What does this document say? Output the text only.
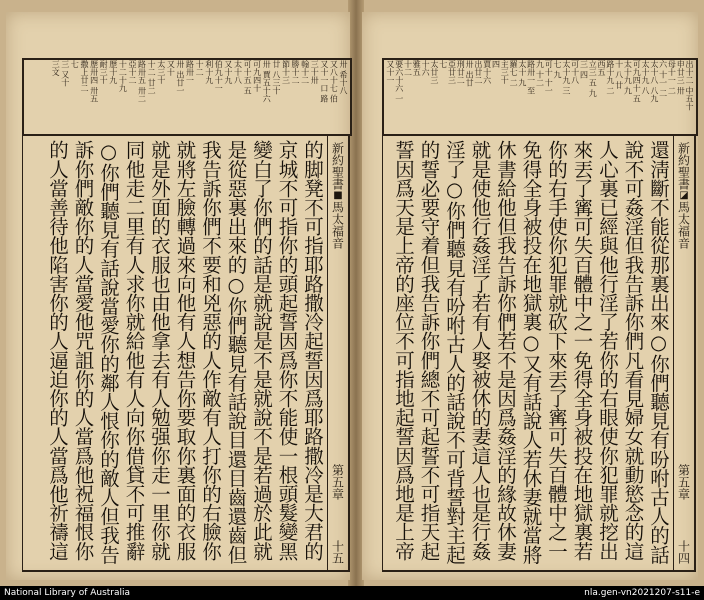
卅 希十八
又八十七 伯
又十一口 路
三十卅
翰十二
勝十二
節十三
廿 八三十
卅 賈五十六
可九四十
可十五 五
太十八
又十九
伯九十一
利十九
十二
路卅一
卅 出廿一
又十
太三十
十二 廿二
路卅五 卅二
亞十二
十二十九
歷十九
耐三十
歷卅四 卅五
撒上廿二
七
三 又十
三文
新約聖書
■
馬太福音
第五章
十五
的脚凳不可指耶路撒冷起誓因爲耶路撒冷是大君的
京城不可指你的頭起誓因爲你不能使一根頭髮變黑
變白了你們的話是就說是不是就說不是若過於此就
是從惡裏出來的○你們聽見有話說目還目齒還齒但
我告訴你們不要和兇惡的人作敵有人打你的右臉你
就將左臉轉過來向他有人想告你要取你裏面的衣服
就是外面的衣服也由他拿去有人勉强你走一里你就
同他走二里有人求你就給他有人向你借貸不可推辭
○你們聽見有話說當愛你的鄰人恨你的敵人但我告
訴你們敵你的人當愛他咒詛你的人當爲他祝福恨你
的人當善待他陷害你的人逼迫你的人當爲他祈禱這
出十二 中五十
申廿三 卅
母十一 二
六 十一 二
太十八 八九
太十九 八
可九四十 五
太十九 九
十 八 廿
路十九 二
西五
立三 五 九
三 四
可十八
太十九 三
七 九
可十 十一
九 十二
路卅一 至
太十 九
羅七 二
主三十
四
賈十六
出廿二
卅 出廿
刑廿二
亞廿三
七
太廿三
十六
雅五
十二
要六十六 一
又十一
新約聖書
◪
馬太福音
第五章
十四
還淸斷不能從那裏出來○你們聽見有吩咐古人的話
說不可姦淫但我告訴你們凡看見婦女就動慾念的這
人心裏已經與他行淫了若你的右眼使你犯罪就挖出
來丟了寗可失百體中之一免得全身被投在地獄裏若
你的右手使你犯罪就砍下來丟了寗可失百體中之一
免得全身被投在地獄裏○又有話說人若休妻就當將
休書給他但我告訴你們若不是因爲姦淫的緣故休妻
就是使他行姦淫了若有人娶被休的妻這人也是行姦
淫了○你們聽見有吩咐古人的話說不可背誓對主起
的誓必要守着但我告訴你們總不可起誓不可指天起
誓因爲天是上帝的座位不可指地起誓因爲地是上帝
National Library of Australia	nla.gen-vn2021207-s11-e
